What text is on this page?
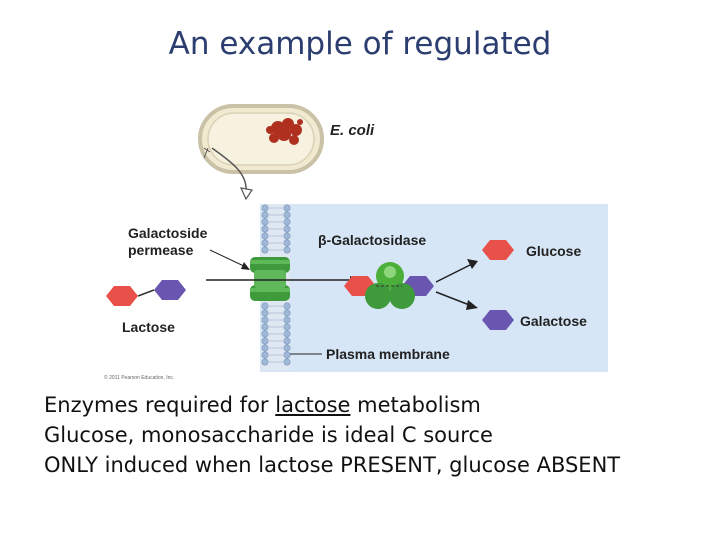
An example of regulated
E. coli
Galactoside
permease
Lactose
β-Galactosidase
Glucose
Galactose
Plasma membrane
© 2011 Pearson Education, Inc.
Enzymes required for lactose metabolism
Glucose, monosaccharide is ideal C source
ONLY induced when lactose PRESENT, glucose ABSENT
